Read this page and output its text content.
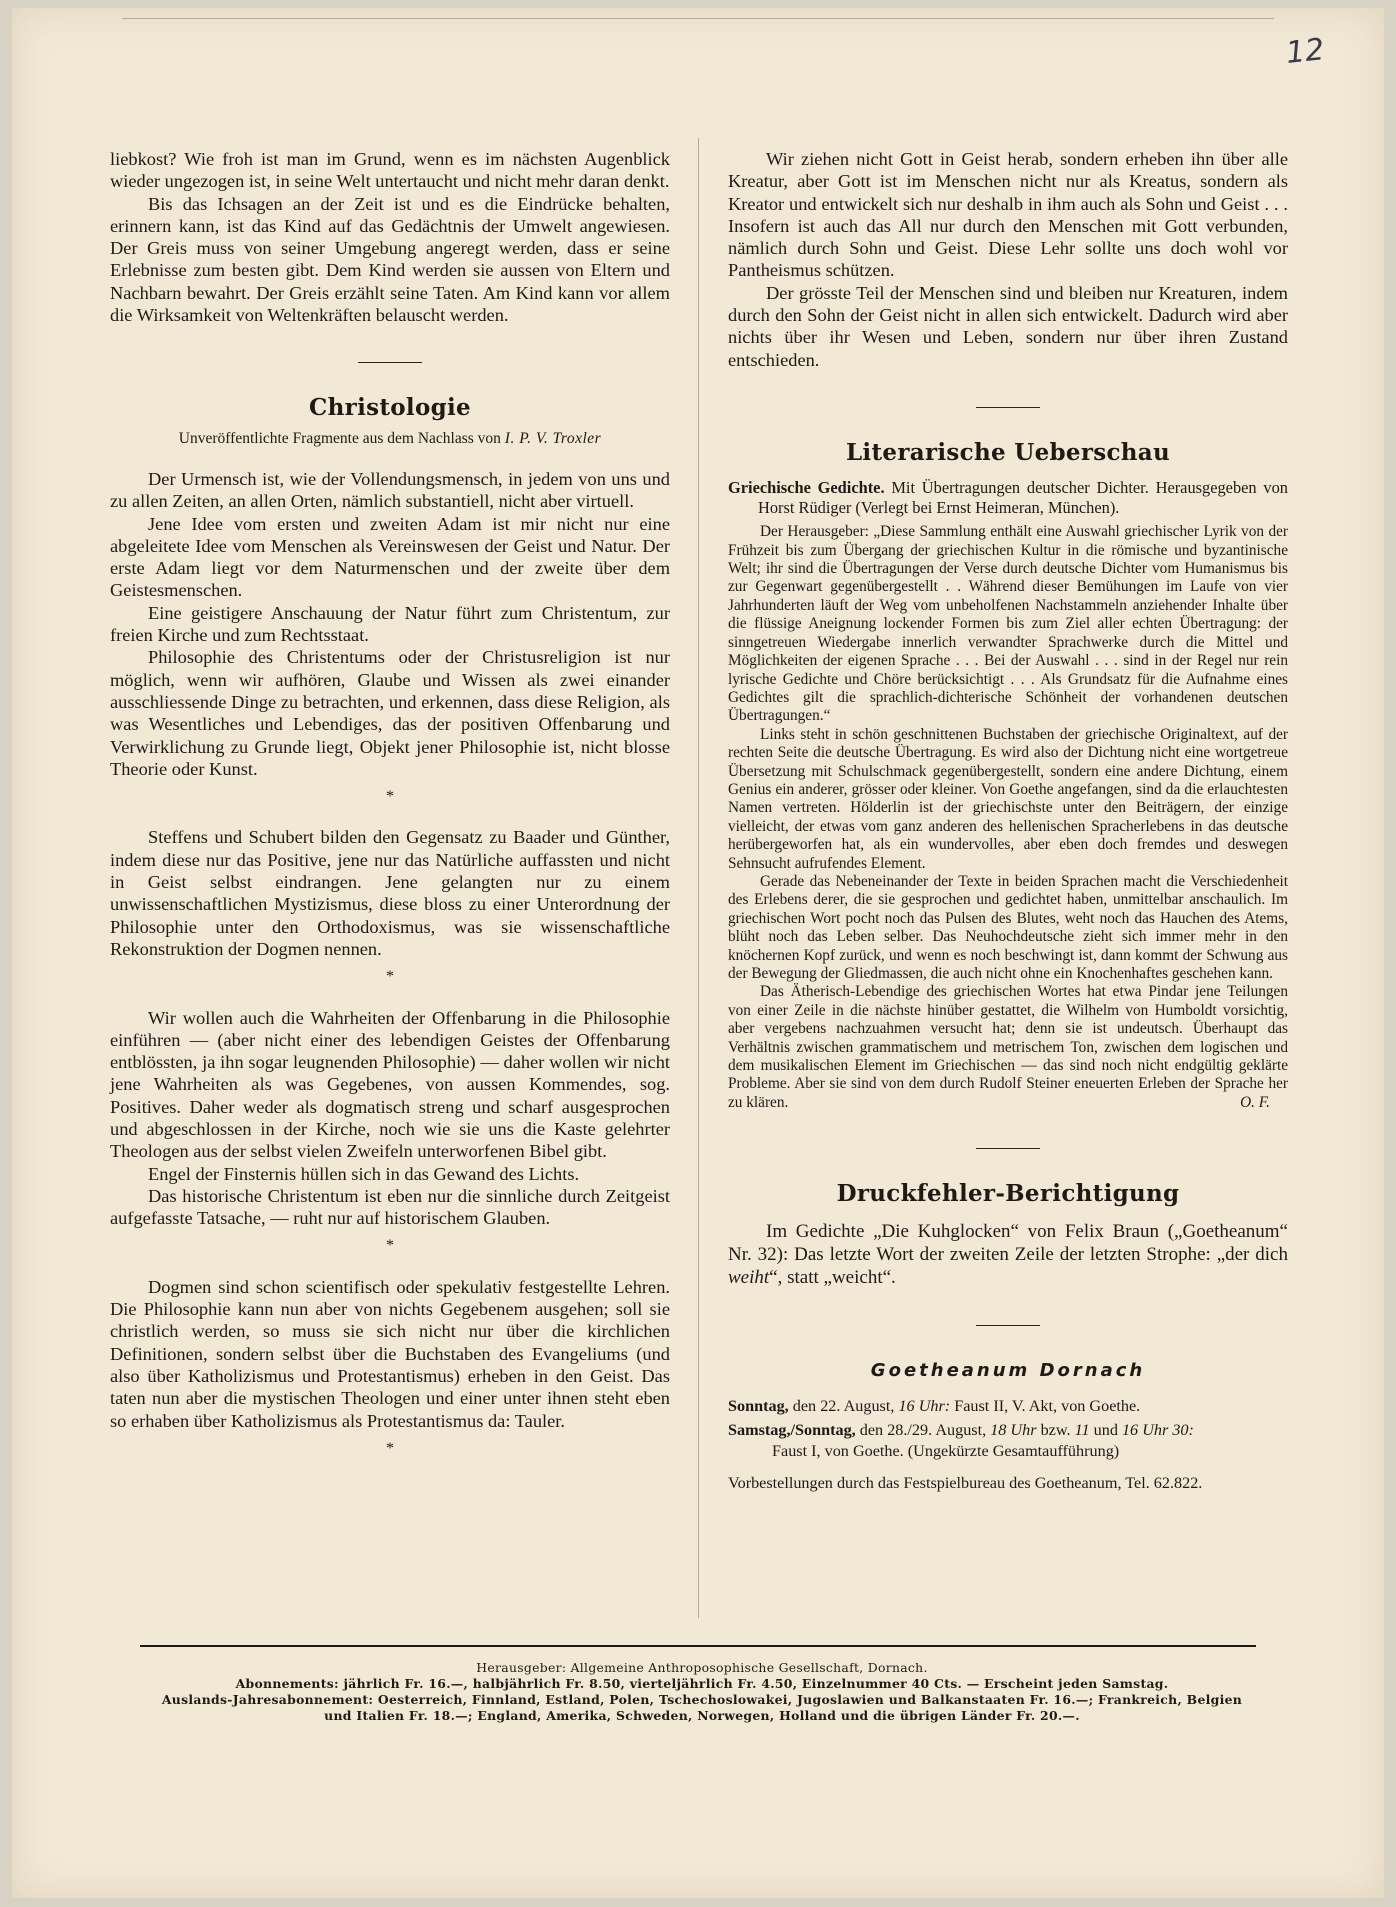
12

liebkost? Wie froh ist man im Grund, wenn es im nächsten Augenblick wieder ungezogen ist, in seine Welt untertaucht und nicht mehr daran denkt.

Bis das Ichsagen an der Zeit ist und es die Eindrücke behalten, erinnern kann, ist das Kind auf das Gedächtnis der Umwelt angewiesen. Der Greis muss von seiner Umgebung angeregt werden, dass er seine Erlebnisse zum besten gibt. Dem Kind werden sie aussen von Eltern und Nachbarn bewahrt. Der Greis erzählt seine Taten. Am Kind kann vor allem die Wirksamkeit von Weltenkräften belauscht werden.

Christologie
Unveröffentlichte Fragmente aus dem Nachlass von I. P. V. Troxler

Der Urmensch ist, wie der Vollendungsmensch, in jedem von uns und zu allen Zeiten, an allen Orten, nämlich substantiell, nicht aber virtuell.

Jene Idee vom ersten und zweiten Adam ist mir nicht nur eine abgeleitete Idee vom Menschen als Vereinswesen der Geist und Natur. Der erste Adam liegt vor dem Naturmenschen und der zweite über dem Geistesmenschen.

Eine geistigere Anschauung der Natur führt zum Christentum, zur freien Kirche und zum Rechtsstaat.

Philosophie des Christentums oder der Christusreligion ist nur möglich, wenn wir aufhören, Glaube und Wissen als zwei einander ausschliessende Dinge zu betrachten, und erkennen, dass diese Religion, als was Wesentliches und Lebendiges, das der positiven Offenbarung und Verwirklichung zu Grunde liegt, Objekt jener Philosophie ist, nicht blosse Theorie oder Kunst.

*

Steffens und Schubert bilden den Gegensatz zu Baader und Günther, indem diese nur das Positive, jene nur das Natürliche auffassten und nicht in Geist selbst eindrangen. Jene gelangten nur zu einem unwissenschaftlichen Mystizismus, diese bloss zu einer Unterordnung der Philosophie unter den Orthodoxismus, was sie wissenschaftliche Rekonstruktion der Dogmen nennen.

*

Wir wollen auch die Wahrheiten der Offenbarung in die Philosophie einführen — (aber nicht einer des lebendigen Geistes der Offenbarung entblössten, ja ihn sogar leugnenden Philosophie) — daher wollen wir nicht jene Wahrheiten als was Gegebenes, von aussen Kommendes, sog. Positives. Daher weder als dogmatisch streng und scharf ausgesprochen und abgeschlossen in der Kirche, noch wie sie uns die Kaste gelehrter Theologen aus der selbst vielen Zweifeln unterworfenen Bibel gibt.

Engel der Finsternis hüllen sich in das Gewand des Lichts.

Das historische Christentum ist eben nur die sinnliche durch Zeitgeist aufgefasste Tatsache, — ruht nur auf historischem Glauben.

*

Dogmen sind schon scientifisch oder spekulativ festgestellte Lehren. Die Philosophie kann nun aber von nichts Gegebenem ausgehen; soll sie christlich werden, so muss sie sich nicht nur über die kirchlichen Definitionen, sondern selbst über die Buchstaben des Evangeliums (und also über Katholizismus und Protestantismus) erheben in den Geist. Das taten nun aber die mystischen Theologen und einer unter ihnen steht eben so erhaben über Katholizismus als Protestantismus da: Tauler.

*

Wir ziehen nicht Gott in Geist herab, sondern erheben ihn über alle Kreatur, aber Gott ist im Menschen nicht nur als Kreatus, sondern als Kreator und entwickelt sich nur deshalb in ihm auch als Sohn und Geist . . . Insofern ist auch das All nur durch den Menschen mit Gott verbunden, nämlich durch Sohn und Geist. Diese Lehr sollte uns doch wohl vor Pantheismus schützen.

Der grösste Teil der Menschen sind und bleiben nur Kreaturen, indem durch den Sohn der Geist nicht in allen sich entwickelt. Dadurch wird aber nichts über ihr Wesen und Leben, sondern nur über ihren Zustand entschieden.

Literarische Ueberschau

Griechische Gedichte. Mit Übertragungen deutscher Dichter. Herausgegeben von Horst Rüdiger (Verlegt bei Ernst Heimeran, München).

Der Herausgeber: „Diese Sammlung enthält eine Auswahl griechischer Lyrik von der Frühzeit bis zum Übergang der griechischen Kultur in die römische und byzantinische Welt; ihr sind die Übertragungen der Verse durch deutsche Dichter vom Humanismus bis zur Gegenwart gegenübergestellt . . Während dieser Bemühungen im Laufe von vier Jahrhunderten läuft der Weg vom unbeholfenen Nachstammeln anziehender Inhalte über die flüssige Aneignung lockender Formen bis zum Ziel aller echten Übertragung: der sinngetreuen Wiedergabe innerlich verwandter Sprachwerke durch die Mittel und Möglichkeiten der eigenen Sprache . . . Bei der Auswahl . . . sind in der Regel nur rein lyrische Gedichte und Chöre berücksichtigt . . . Als Grundsatz für die Aufnahme eines Gedichtes gilt die sprachlich-dichterische Schönheit der vorhandenen deutschen Übertragungen.“

Links steht in schön geschnittenen Buchstaben der griechische Originaltext, auf der rechten Seite die deutsche Übertragung. Es wird also der Dichtung nicht eine wortgetreue Übersetzung mit Schulschmack gegenübergestellt, sondern eine andere Dichtung, einem Genius ein anderer, grösser oder kleiner. Von Goethe angefangen, sind da die erlauchtesten Namen vertreten. Hölderlin ist der griechischste unter den Beiträgern, der einzige vielleicht, der etwas vom ganz anderen des hellenischen Spracherlebens in das deutsche herübergeworfen hat, als ein wundervolles, aber eben doch fremdes und deswegen Sehnsucht aufrufendes Element.

Gerade das Nebeneinander der Texte in beiden Sprachen macht die Verschiedenheit des Erlebens derer, die sie gesprochen und gedichtet haben, unmittelbar anschaulich. Im griechischen Wort pocht noch das Pulsen des Blutes, weht noch das Hauchen des Atems, blüht noch das Leben selber. Das Neuhochdeutsche zieht sich immer mehr in den knöchernen Kopf zurück, und wenn es noch beschwingt ist, dann kommt der Schwung aus der Bewegung der Gliedmassen, die auch nicht ohne ein Knochenhaftes geschehen kann.

Das Ätherisch-Lebendige des griechischen Wortes hat etwa Pindar jene Teilungen von einer Zeile in die nächste hinüber gestattet, die Wilhelm von Humboldt vorsichtig, aber vergebens nachzuahmen versucht hat; denn sie ist undeutsch. Überhaupt das Verhältnis zwischen grammatischem und metrischem Ton, zwischen dem logischen und dem musikalischen Element im Griechischen — das sind noch nicht endgültig geklärte Probleme. Aber sie sind von dem durch Rudolf Steiner eneuerten Erleben der Sprache her zu klären.	O. F.

Druckfehler-Berichtigung

Im Gedichte „Die Kuhglocken“ von Felix Braun („Goetheanum“ Nr. 32): Das letzte Wort der zweiten Zeile der letzten Strophe: „der dich weiht“, statt „weicht“.

Goetheanum Dornach

Sonntag, den 22. August, 16 Uhr: Faust II, V. Akt, von Goethe.

Samstag,/Sonntag, den 28./29. August, 18 Uhr bzw. 11 und 16 Uhr 30:
Faust I, von Goethe. (Ungekürzte Gesamtaufführung)

Vorbestellungen durch das Festspielbureau des Goetheanum, Tel. 62.822.

Herausgeber: Allgemeine Anthroposophische Gesellschaft, Dornach.
Abonnements: jährlich Fr. 16.—, halbjährlich Fr. 8.50, vierteljährlich Fr. 4.50, Einzelnummer 40 Cts. — Erscheint jeden Samstag.
Auslands-Jahresabonnement: Oesterreich, Finnland, Estland, Polen, Tschechoslowakei, Jugoslawien und Balkanstaaten Fr. 16.—; Frankreich, Belgien
und Italien Fr. 18.—; England, Amerika, Schweden, Norwegen, Holland und die übrigen Länder Fr. 20.—.
